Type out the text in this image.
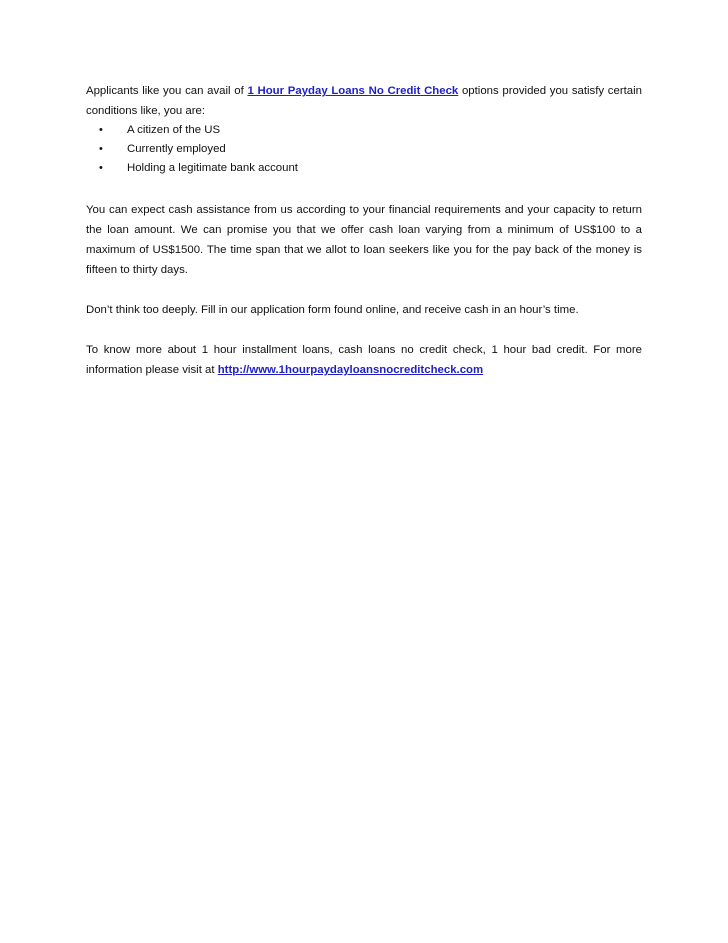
Applicants like you can avail of 1 Hour Payday Loans No Credit Check options provided you satisfy certain

conditions like, you are:

• A citizen of the US
• Currently employed
• Holding a legitimate bank account

You can expect cash assistance from us according to your financial requirements and your capacity to return the loan amount. We can promise you that we offer cash loan varying from a minimum of US$100 to a maximum of US$1500. The time span that we allot to loan seekers like you for the pay back of the money is fifteen to thirty days.

Don’t think too deeply. Fill in our application form found online, and receive cash in an hour’s time.

To know more about 1 hour installment loans, cash loans no credit check, 1 hour bad credit. For more information please visit at http://www.1hourpaydayloansnocreditcheck.com
